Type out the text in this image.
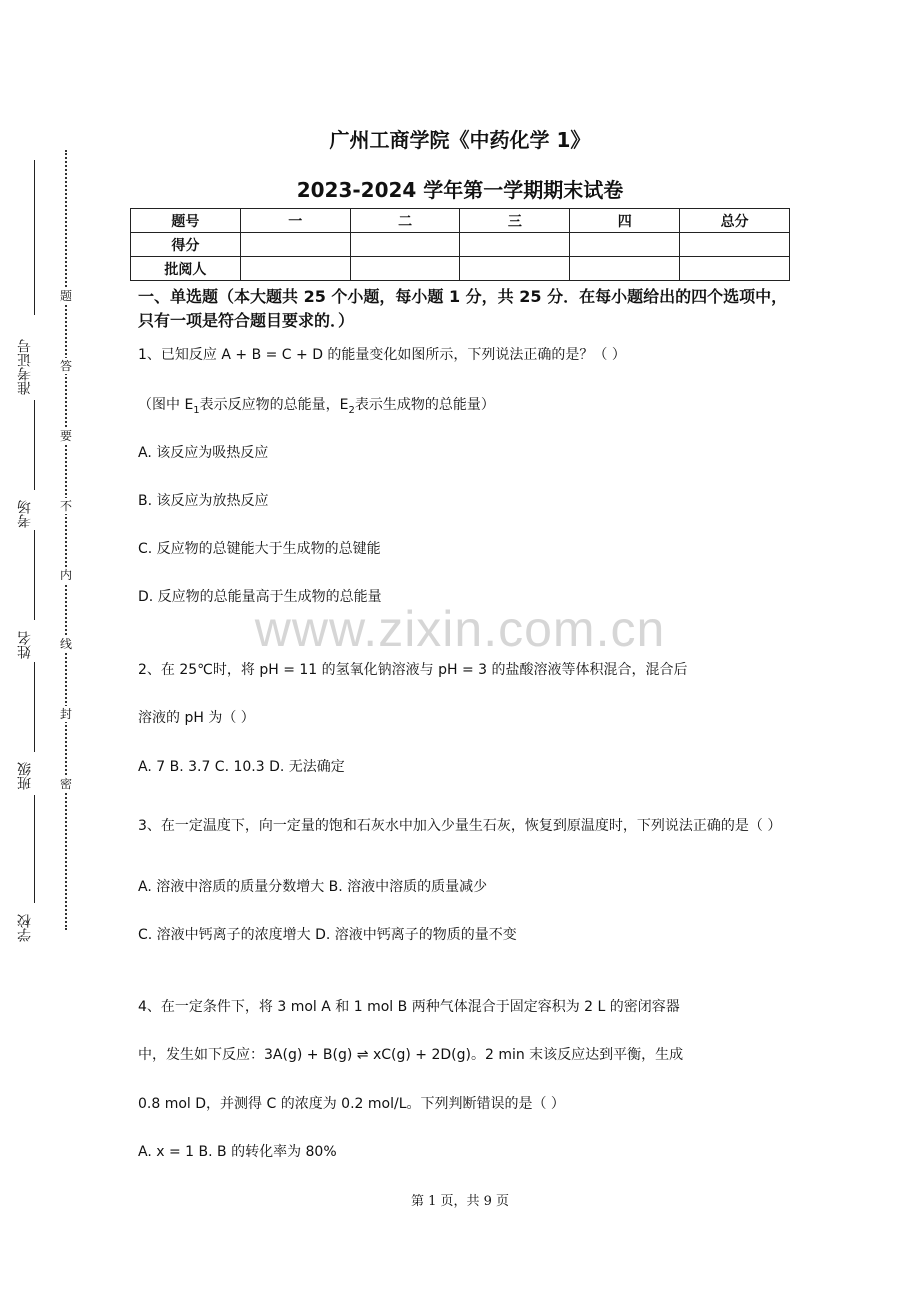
题
答
要
不
内
线
封
密
准考证号
考场
姓名
班级
学校
广州工商学院《中药化学 1》
2023-2024 学年第一学期期末试卷
题号	一	二	三	四	总分
得分					
批阅人					

一、单选题（本大题共 25 个小题，每小题 1 分，共 25 分．在每小题给出的四个选项中，只有一项是符合题目要求的．）

www.zixin.com.cn

1、已知反应 A + B = C + D 的能量变化如图所示，下列说法正确的是？（ ）

（图中 $E_1$表示反应物的总能量，$E_2$表示生成物的总能量）

A. 该反应为吸热反应

B. 该反应为放热反应

C. 反应物的总键能大于生成物的总键能

D. 反应物的总能量高于生成物的总能量

2、在 25℃时，将 pH = 11 的氢氧化钠溶液与 pH = 3 的盐酸溶液等体积混合，混合后

溶液的 pH 为（ ）

A. 7 B. 3.7 C. 10.3 D. 无法确定

3、在一定温度下，向一定量的饱和石灰水中加入少量生石灰，恢复到原温度时，下列说法正确的是（ ）

A. 溶液中溶质的质量分数增大 B. 溶液中溶质的质量减少

C. 溶液中钙离子的浓度增大 D. 溶液中钙离子的物质的量不变

4、在一定条件下，将 3 mol A 和 1 mol B 两种气体混合于固定容积为 2 L 的密闭容器

中，发生如下反应：3A(g) + B(g) ⇌ xC(g) + 2D(g)。2 min 末该反应达到平衡，生成

0.8 mol D，并测得 C 的浓度为 0.2 mol/L。下列判断错误的是（ ）

A. x = 1 B. B 的转化率为 80%

第 1 页，共 9 页
